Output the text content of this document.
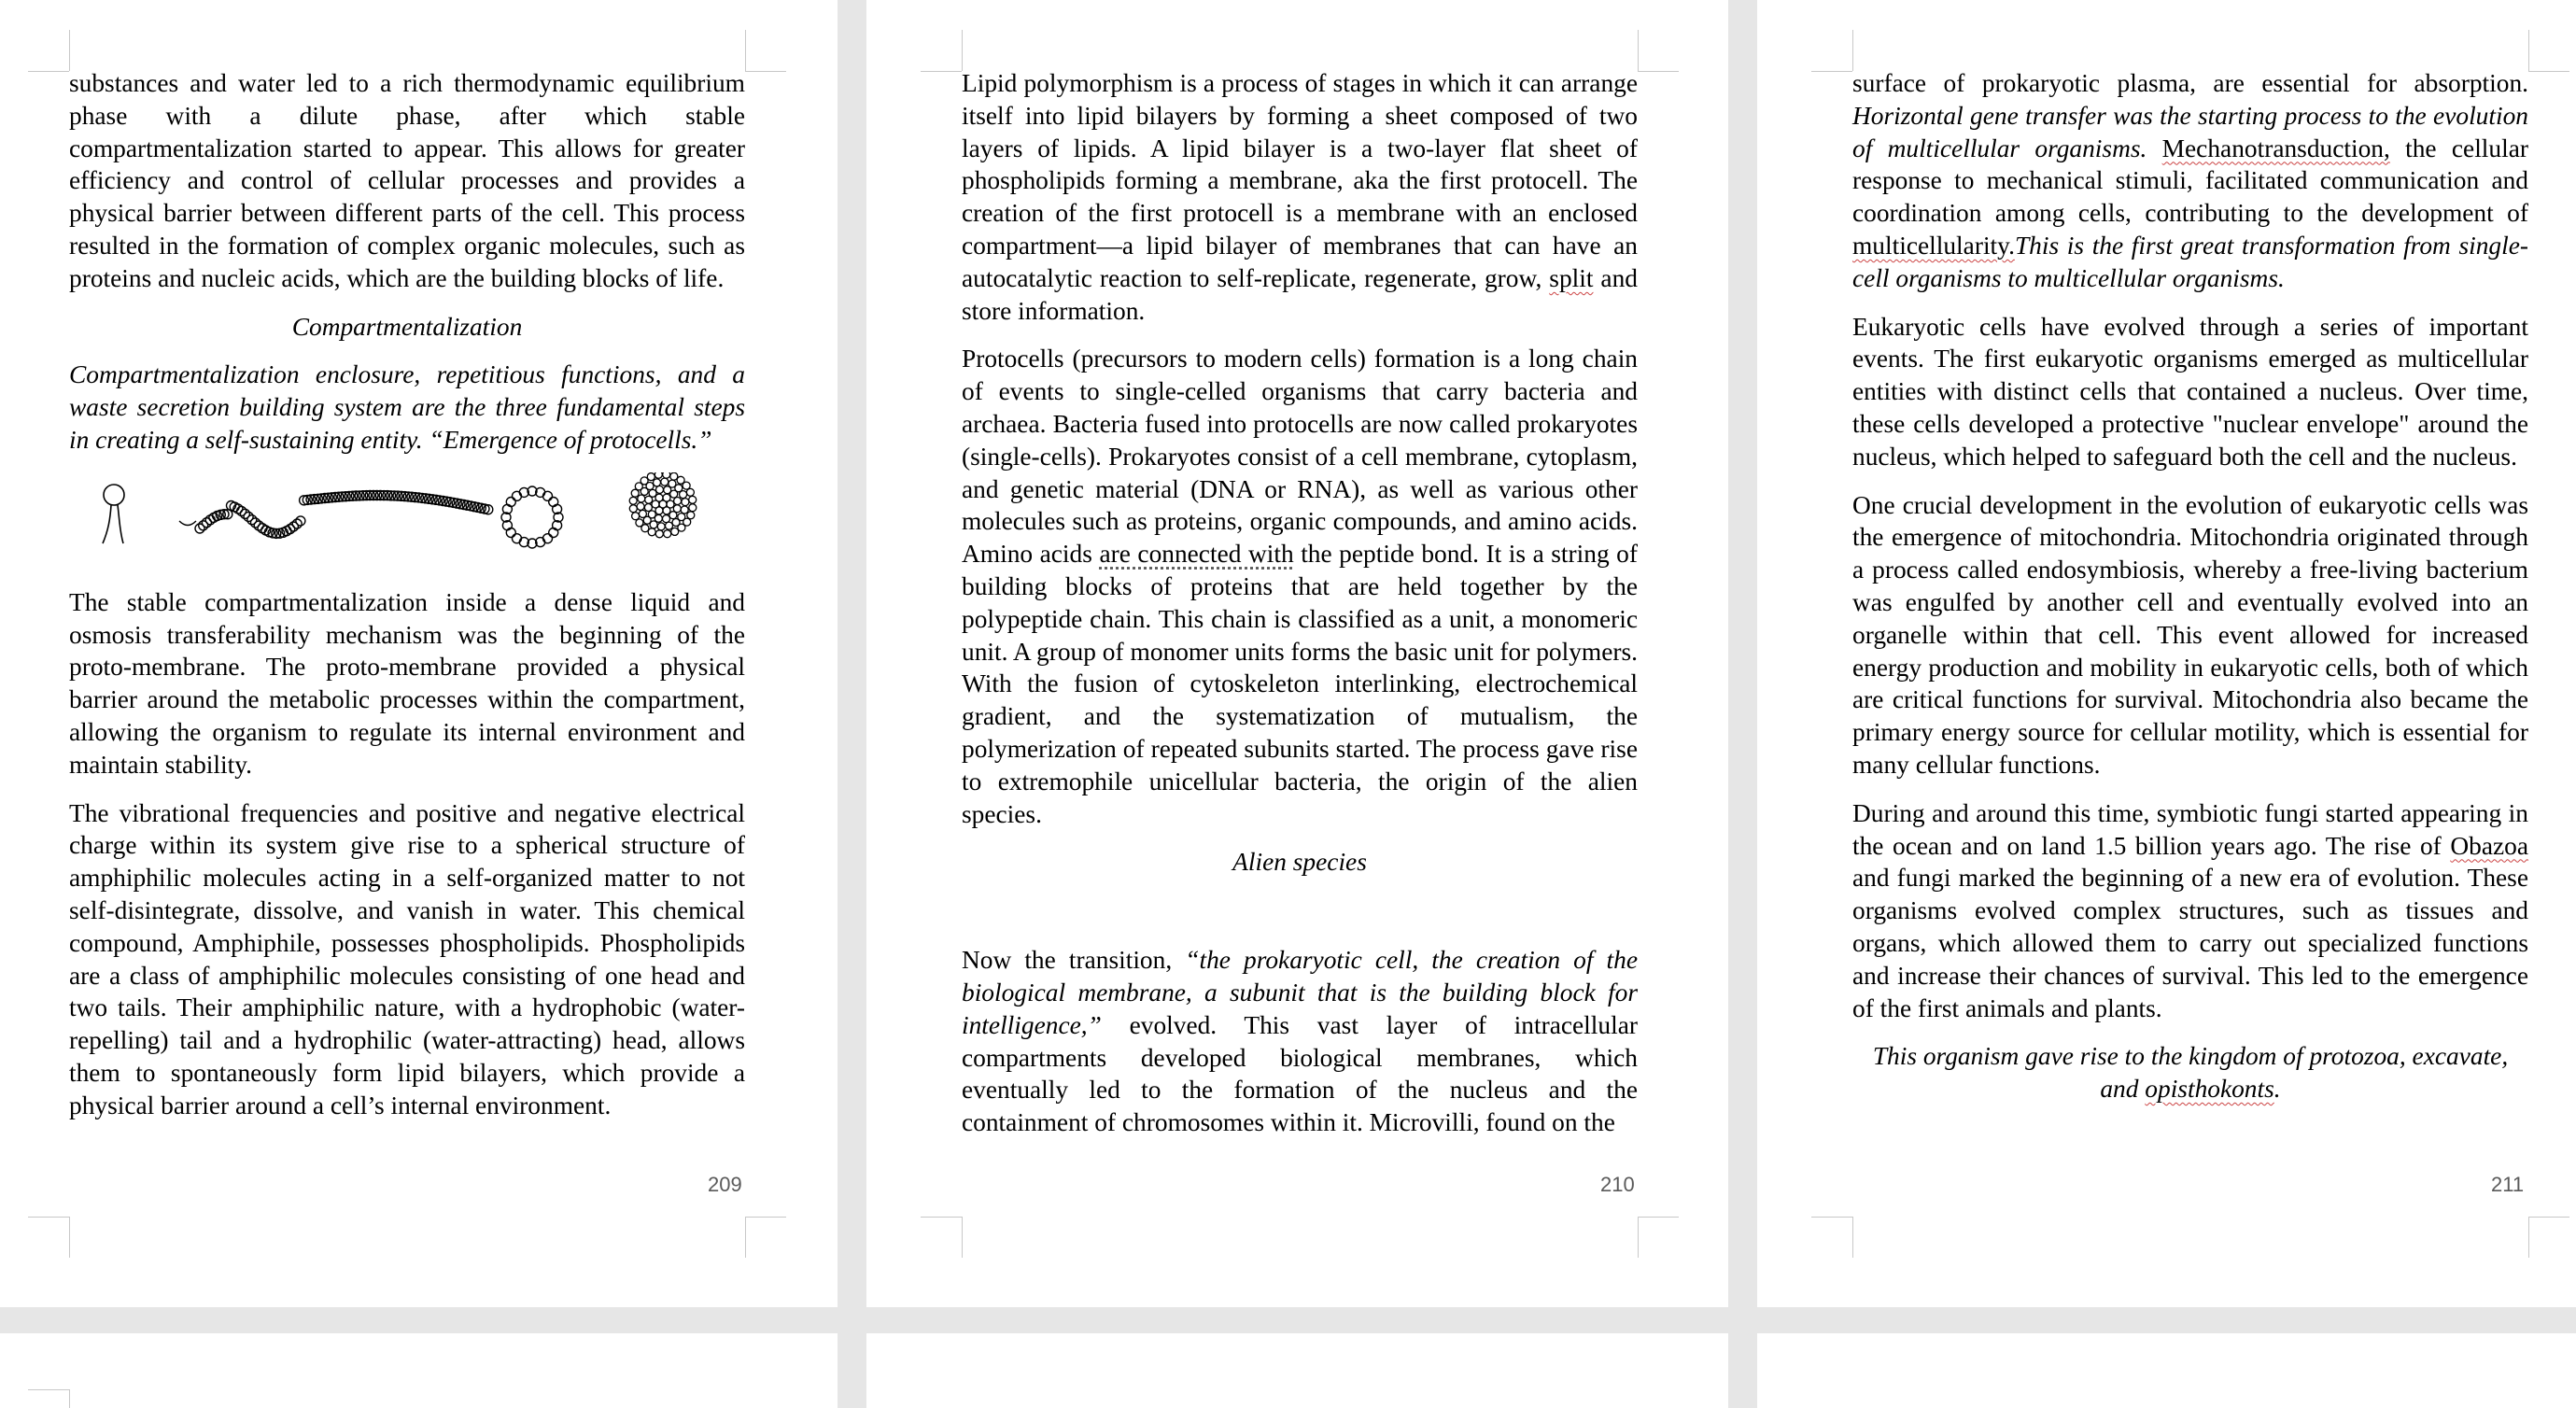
substances and water led to a rich thermodynamic equilibrium phase with a dilute phase, after which stable compartmentalization started to appear. This allows for greater efficiency and control of cellular processes and provides a physical barrier between different parts of the cell. This process resulted in the formation of complex organic molecules, such as proteins and nucleic acids, which are the building blocks of life.

Compartmentalization

Compartmentalization enclosure, repetitious functions, and a waste secretion building system are the three fundamental steps in creating a self-sustaining entity. “Emergence of protocells.”

The stable compartmentalization inside a dense liquid and osmosis transferability mechanism was the beginning of the proto-membrane. The proto-membrane provided a physical barrier around the metabolic processes within the compartment, allowing the organism to regulate its internal environment and maintain stability.

The vibrational frequencies and positive and negative electrical charge within its system give rise to a spherical structure of amphiphilic molecules acting in a self-organized matter to not self-disintegrate, dissolve, and vanish in water. This chemical compound, Amphiphile, possesses phospholipids. Phospholipids are a class of amphiphilic molecules consisting of one head and two tails. Their amphiphilic nature, with a hydrophobic (water-repelling) tail and a hydrophilic (water-attracting) head, allows them to spontaneously form lipid bilayers, which provide a physical barrier around a cell’s internal environment.

209

Lipid polymorphism is a process of stages in which it can arrange itself into lipid bilayers by forming a sheet composed of two layers of lipids. A lipid bilayer is a two-layer flat sheet of phospholipids forming a membrane, aka the first protocell. The creation of the first protocell is a membrane with an enclosed compartment—a lipid bilayer of membranes that can have an autocatalytic reaction to self-replicate, regenerate, grow, split and store information.

Protocells (precursors to modern cells) formation is a long chain of events to single-celled organisms that carry bacteria and archaea. Bacteria fused into protocells are now called prokaryotes (single-cells). Prokaryotes consist of a cell membrane, cytoplasm, and genetic material (DNA or RNA), as well as various other molecules such as proteins, organic compounds, and amino acids. Amino acids are connected with the peptide bond. It is a string of building blocks of proteins that are held together by the polypeptide chain. This chain is classified as a unit, a monomeric unit. A group of monomer units forms the basic unit for polymers. With the fusion of cytoskeleton interlinking, electrochemical gradient, and the systematization of mutualism, the polymerization of repeated subunits started. The process gave rise to extremophile unicellular bacteria, the origin of the alien species.

Alien species

Now the transition, “the prokaryotic cell, the creation of the biological membrane, a subunit that is the building block for intelligence,” evolved. This vast layer of intracellular compartments developed biological membranes, which eventually led to the formation of the nucleus and the containment of chromosomes within it. Microvilli, found on the

210

surface of prokaryotic plasma, are essential for absorption. Horizontal gene transfer was the starting process to the evolution of multicellular organisms. Mechanotransduction, the cellular response to mechanical stimuli, facilitated communication and coordination among cells, contributing to the development of multicellularity.This is the first great transformation from single-cell organisms to multicellular organisms.

Eukaryotic cells have evolved through a series of important events. The first eukaryotic organisms emerged as multicellular entities with distinct cells that contained a nucleus. Over time, these cells developed a protective "nuclear envelope" around the nucleus, which helped to safeguard both the cell and the nucleus.

One crucial development in the evolution of eukaryotic cells was the emergence of mitochondria. Mitochondria originated through a process called endosymbiosis, whereby a free-living bacterium was engulfed by another cell and eventually evolved into an organelle within that cell. This event allowed for increased energy production and mobility in eukaryotic cells, both of which are critical functions for survival. Mitochondria also became the primary energy source for cellular motility, which is essential for many cellular functions.

During and around this time, symbiotic fungi started appearing in the ocean and on land 1.5 billion years ago. The rise of Obazoa and fungi marked the beginning of a new era of evolution. These organisms evolved complex structures, such as tissues and organs, which allowed them to carry out specialized functions and increase their chances of survival. This led to the emergence of the first animals and plants.

This organism gave rise to the kingdom of protozoa, excavate, and opisthokonts.

211
